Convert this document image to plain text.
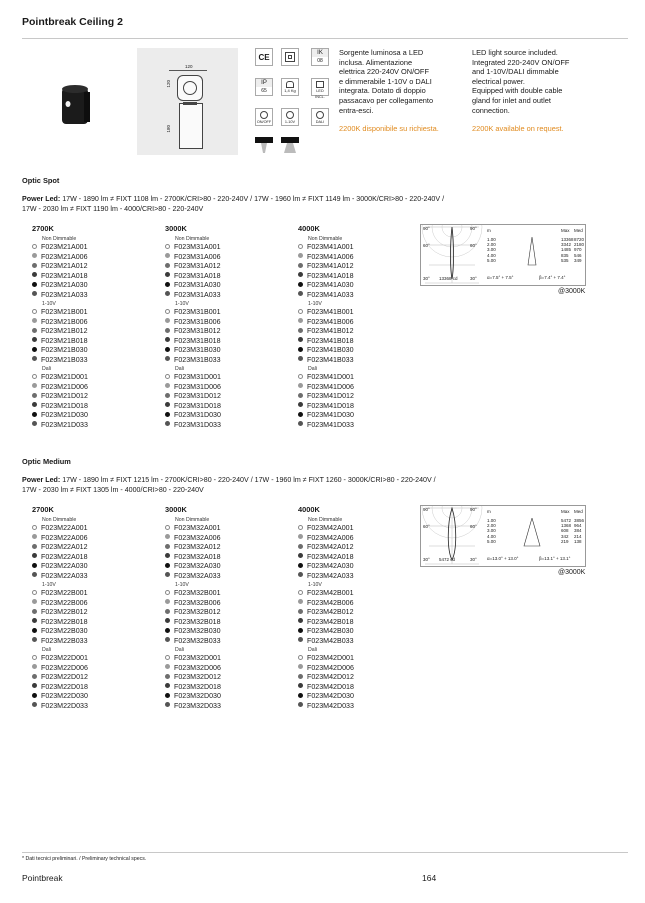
Pointbreak Ceiling 2
120
120
180
CE	IK
08
IP
65	1,4 Kg	LED INCL.
ON/OFF	1-10V	DALI
Sorgente luminosa a LED
inclusa. Alimentazione
elettrica 220-240V ON/OFF
e dimmerabile 1-10V o DALI
integrata. Dotato di doppio
passacavo per collegamento
entra-esci.
2200K disponibile su richiesta.
LED light source included.
Integrated 220-240V ON/OFF
and 1-10V/DALI dimmable
electrical power.
Equipped with double cable
gland for inlet and outlet
connection.
2200K available on request.
Optic Spot
Power Led: 17W - 1890 lm ≠ FIXT 1108 lm - 2700K/CRI>80 - 220-240V / 17W - 1960 lm ≠ FIXT 1149 lm - 3000K/CRI>80 - 220-240V /
17W - 2030 lm ≠ FIXT 1190 lm - 4000/CRI>80 - 220-240V
2700K
Non Dimmable
F023M21A001
F023M21A006
F023M21A012
F023M21A018
F023M21A030
F023M21A033
1-10V
F023M21B001
F023M21B006
F023M21B012
F023M21B018
F023M21B030
F023M21B033
Dali
F023M21D001
F023M21D006
F023M21D012
F023M21D018
F023M21D030
F023M21D033
3000K
Non Dimmable
F023M31A001
F023M31A006
F023M31A012
F023M31A018
F023M31A030
F023M31A033
1-10V
F023M31B001
F023M31B006
F023M31B012
F023M31B018
F023M31B030
F023M31B033
Dali
F023M31D001
F023M31D006
F023M31D012
F023M31D018
F023M31D030
F023M31D033
4000K
Non Dimmable
F023M41A001
F023M41A006
F023M41A012
F023M41A018
F023M41A030
F023M41A033
1-10V
F023M41B001
F023M41B006
F023M41B012
F023M41B018
F023M41B030
F023M41B033
Dali
F023M41D001
F023M41D006
F023M41D012
F023M41D018
F023M41D030
F023M41D033
90°	90°
60°	60°
30°	30°
13368 cd
m	Max Med
1.00	13368 8720
2.00	3342 2180
3.00	1485 970
4.00	835 546
5.00	535 349
α=7.5° + 7.5°	β=7.4° + 7.4°
@3000K
Optic Medium
Power Led: 17W - 1890 lm ≠ FIXT 1215 lm - 2700K/CRI>80 - 220-240V / 17W - 1960 lm ≠ FIXT 1260 - 3000K/CRI>80 - 220-240V /
17W - 2030 lm ≠ FIXT 1305 lm - 4000/CRI>80 - 220-240V
2700K
Non Dimmable
F023M22A001
F023M22A006
F023M22A012
F023M22A018
F023M22A030
F023M22A033
1-10V
F023M22B001
F023M22B006
F023M22B012
F023M22B018
F023M22B030
F023M22B033
Dali
F023M22D001
F023M22D006
F023M22D012
F023M22D018
F023M22D030
F023M22D033
3000K
Non Dimmable
F023M32A001
F023M32A006
F023M32A012
F023M32A018
F023M32A030
F023M32A033
1-10V
F023M32B001
F023M32B006
F023M32B012
F023M32B018
F023M32B030
F023M32B033
Dali
F023M32D001
F023M32D006
F023M32D012
F023M32D018
F023M32D030
F023M32D033
4000K
Non Dimmable
F023M42A001
F023M42A006
F023M42A012
F023M42A018
F023M42A030
F023M42A033
1-10V
F023M42B001
F023M42B006
F023M42B012
F023M42B018
F023M42B030
F023M42B033
Dali
F023M42D001
F023M42D006
F023M42D012
F023M42D018
F023M42D030
F023M42D033
90°	90°
60°	60°
30°	30°
5472 cd
m	Max Med
1.00	5472 3856
2.00	1368 964
3.00	608 384
4.00	342 214
5.00	219 138
α=13.0° + 13.0°	β=13.1° + 13.1°
@3000K
* Dati tecnici preliminari. / Preliminary technical specs.
Pointbreak	164
